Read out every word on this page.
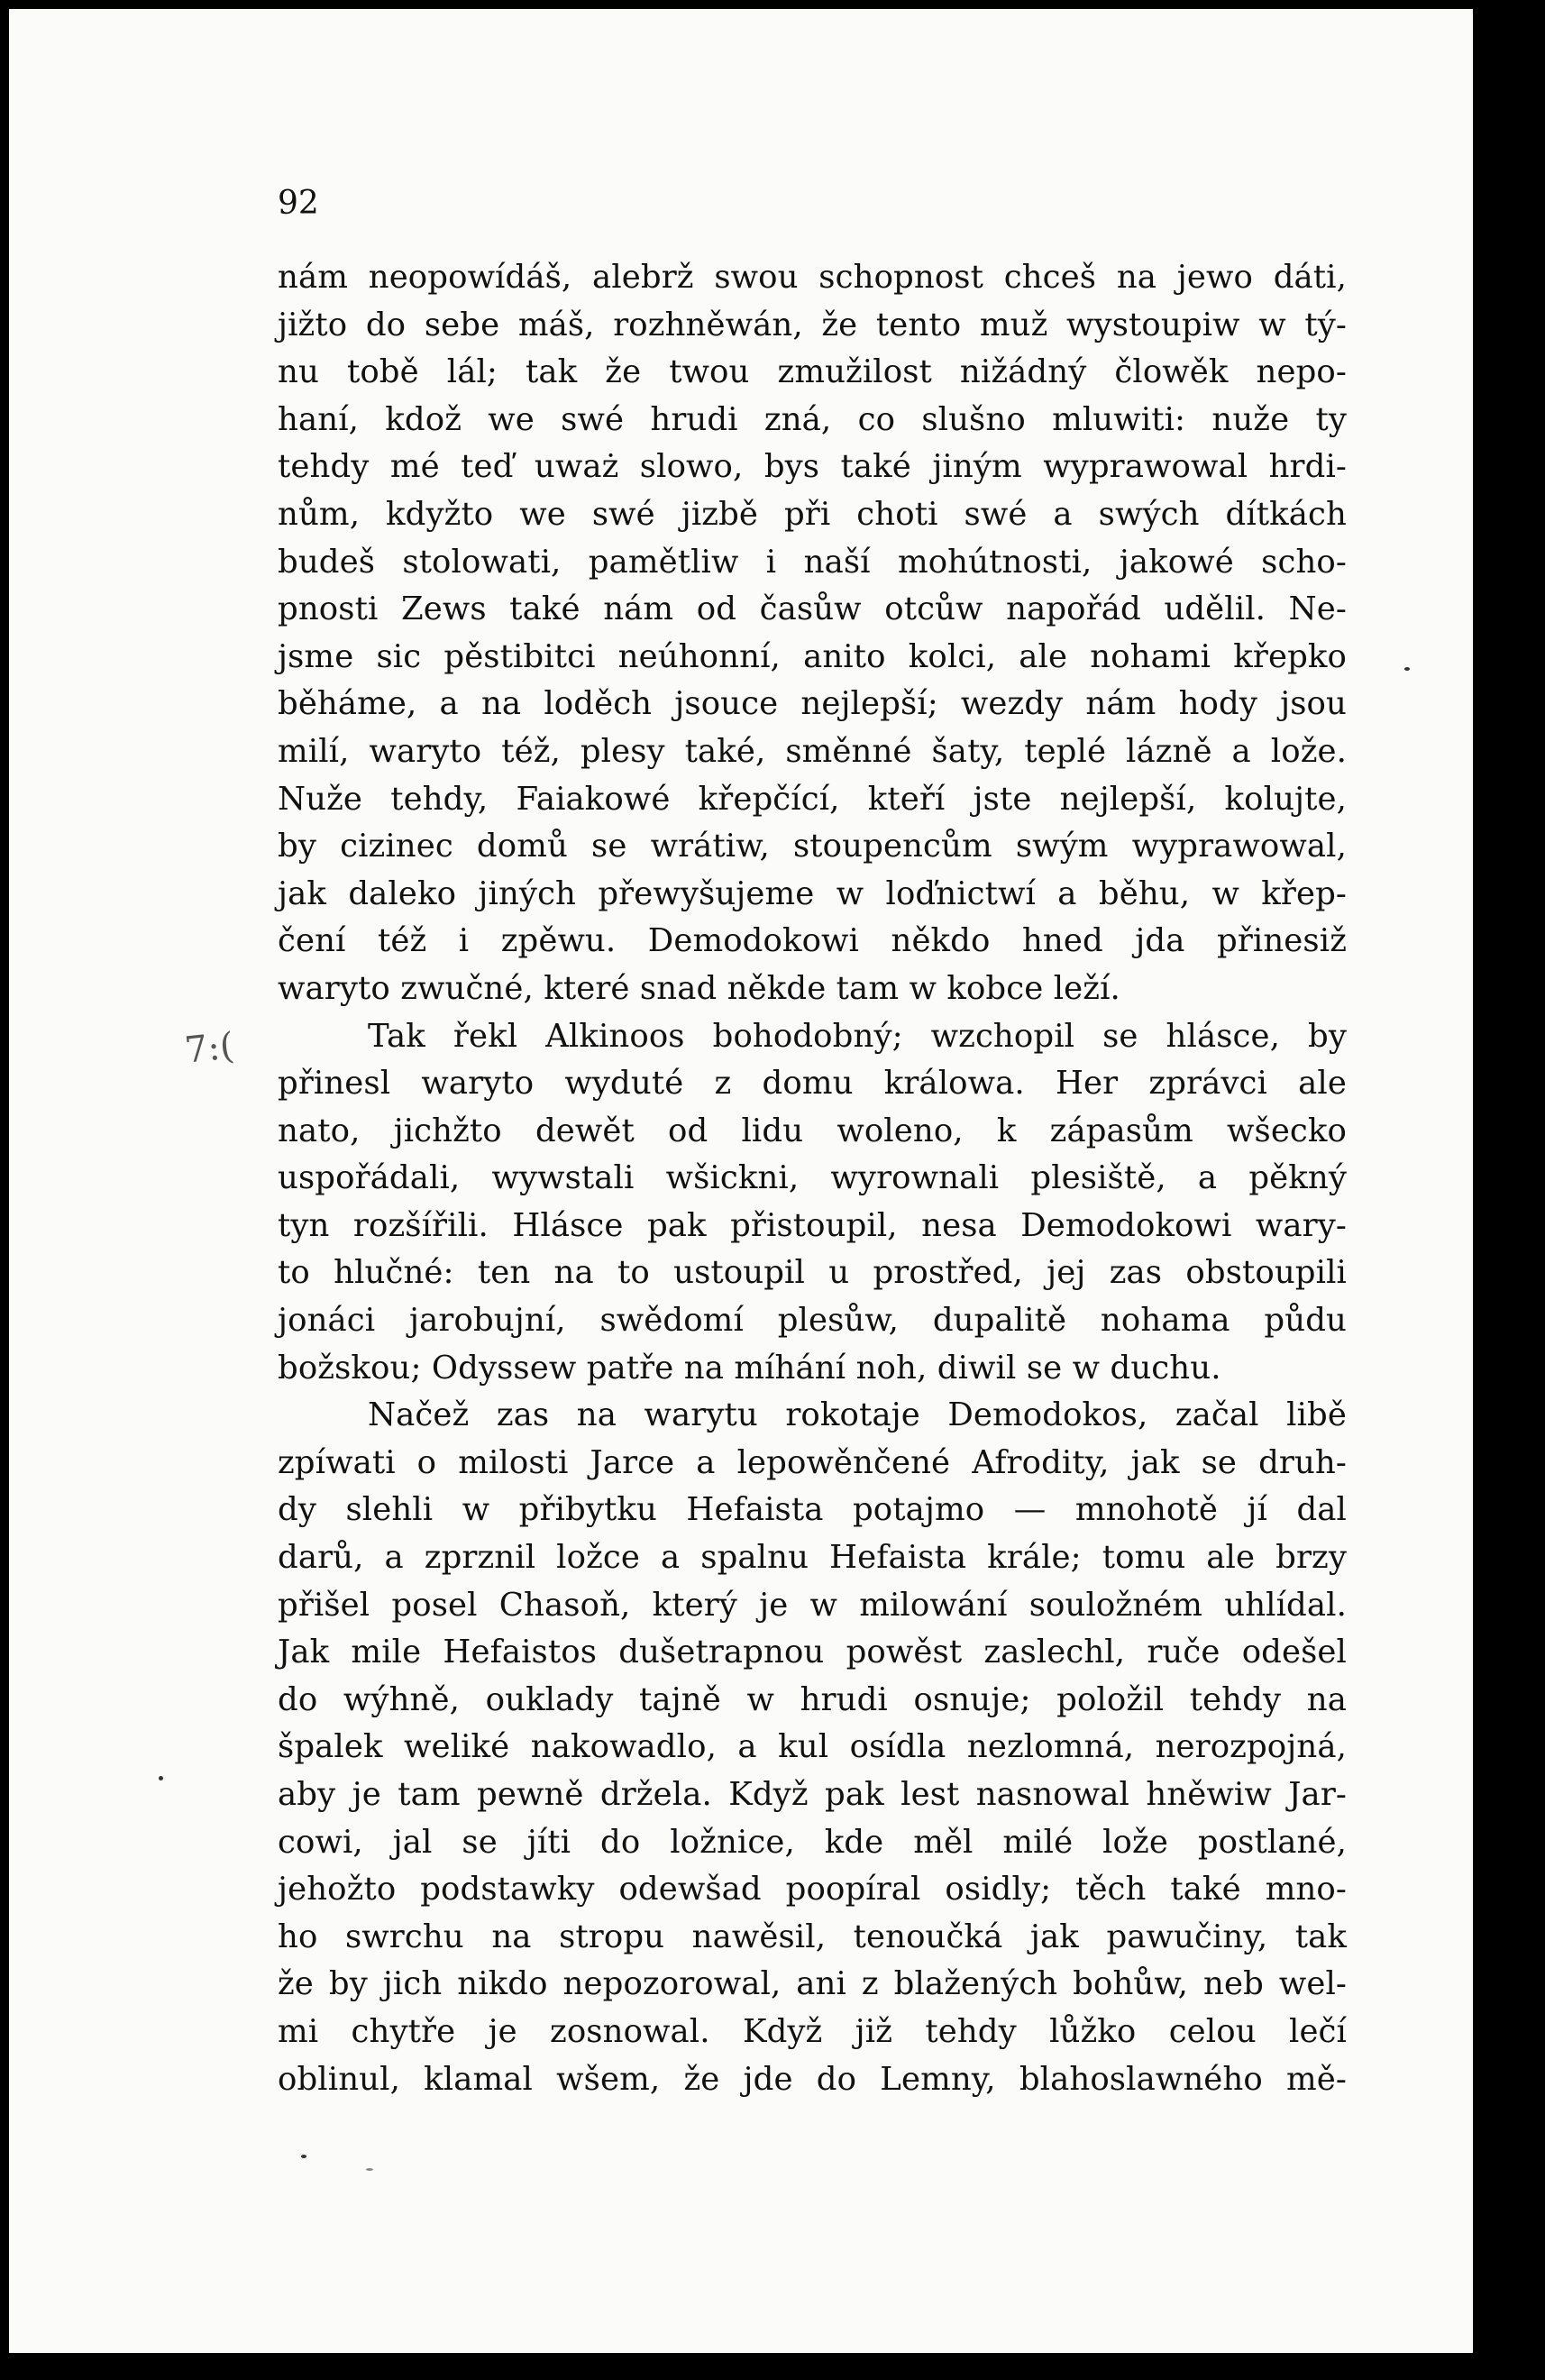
92
7:(
nám neopowídáš, alebrž swou schopnost chceš na jewo dáti,
jižto do sebe máš, rozhněwán, že tento muž wystoupiw w tý-
nu tobě lál; tak že twou zmužilost nižádný člowěk nepo-
haní, kdož we swé hrudi zná, co slušno mluwiti: nuže ty
tehdy mé teď uważ slowo, bys také jiným wyprawowal hrdi-
nům, kdyžto we swé jizbě při choti swé a swých dítkách
budeš stolowati, pamětliw i naší mohútnosti, jakowé scho-
pnosti Zews také nám od časůw otcůw napořád udělil. Ne-
jsme sic pěstibitci neúhonní, anito kolci, ale nohami křepko
běháme, a na loděch jsouce nejlepší; wezdy nám hody jsou
milí, waryto též, plesy také, směnné šaty, teplé lázně a lože.
Nuže tehdy, Faiakowé křepčící, kteří jste nejlepší, kolujte,
by cizinec domů se wrátiw, stoupencům swým wyprawowal,
jak daleko jiných přewyšujeme w loďnictwí a běhu, w křep-
čení též i zpěwu. Demodokowi někdo hned jda přinesiž
waryto zwučné, které snad někde tam w kobce leží.
Tak řekl Alkinoos bohodobný; wzchopil se hlásce, by
přinesl waryto wyduté z domu králowa. Her zprávci ale
nato, jichžto dewět od lidu woleno, k zápasům wšecko
uspořádali, wywstali wšickni, wyrownali plesiště, a pěkný
tyn rozšířili. Hlásce pak přistoupil, nesa Demodokowi wary-
to hlučné: ten na to ustoupil u prostřed, jej zas obstoupili
jonáci jarobujní, swědomí plesůw, dupalitě nohama půdu
božskou; Odyssew patře na míhání noh, diwil se w duchu.
Načež zas na warytu rokotaje Demodokos, začal libě
zpíwati o milosti Jarce a lepowěnčené Afrodity, jak se druh-
dy slehli w přibytku Hefaista potajmo — mnohotě jí dal
darů, a zprznil ložce a spalnu Hefaista krále; tomu ale brzy
přišel posel Chasoň, který je w milowání souložném uhlídal.
Jak mile Hefaistos dušetrapnou powěst zaslechl, ruče odešel
do wýhně, ouklady tajně w hrudi osnuje; položil tehdy na
špalek weliké nakowadlo, a kul osídla nezlomná, nerozpojná,
aby je tam pewně držela. Když pak lest nasnowal hněwiw Jar-
cowi, jal se jíti do ložnice, kde měl milé lože postlané,
jehožto podstawky odewšad poopíral osidly; těch také mno-
ho swrchu na stropu nawěsil, tenoučká jak pawučiny, tak
že by jich nikdo nepozorowal, ani z blažených bohůw, neb wel-
mi chytře je zosnowal. Když již tehdy lůžko celou lečí
oblinul, klamal wšem, že jde do Lemny, blahoslawného mě-
